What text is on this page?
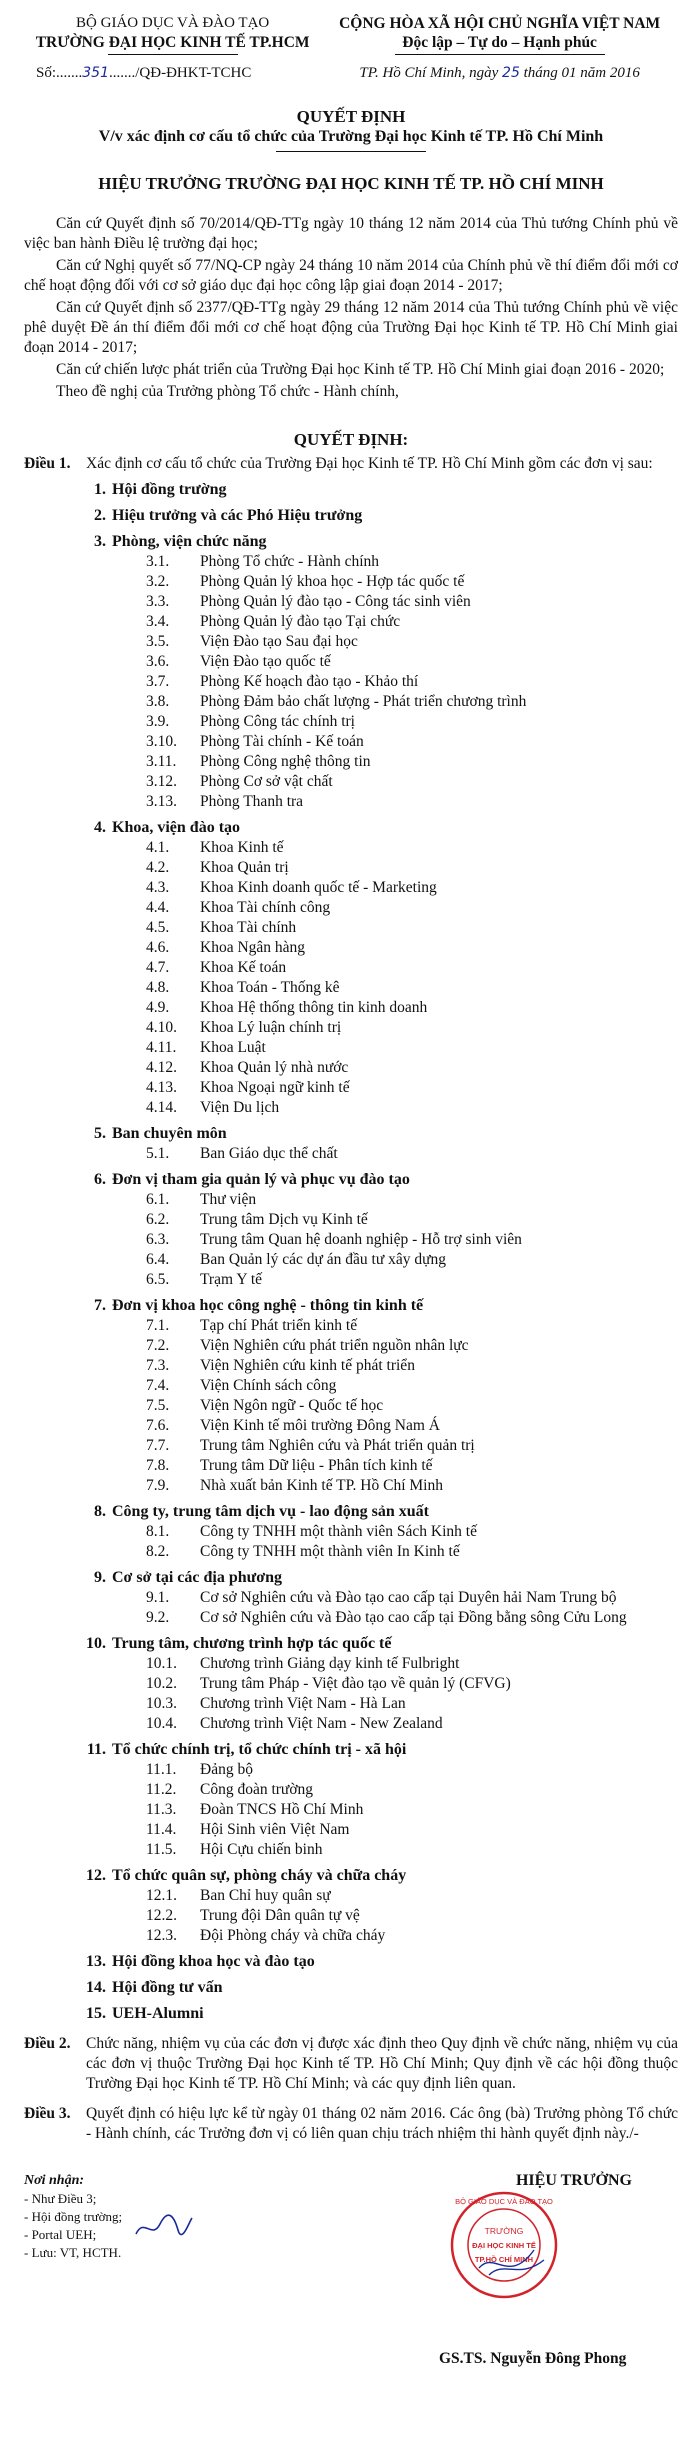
BỘ GIÁO DỤC VÀ ĐÀO TẠO
TRƯỜNG ĐẠI HỌC KINH TẾ TP.HCM
Số:.......351......./QĐ-ĐHKT-TCHC
CỘNG HÒA XÃ HỘI CHỦ NGHĨA VIỆT NAM
Độc lập – Tự do – Hạnh phúc
TP. Hồ Chí Minh, ngày 25 tháng 01 năm 2016
QUYẾT ĐỊNH
V/v xác định cơ cấu tổ chức của Trường Đại học Kinh tế TP. Hồ Chí Minh
HIỆU TRƯỞNG TRƯỜNG ĐẠI HỌC KINH TẾ TP. HỒ CHÍ MINH

Căn cứ Quyết định số 70/2014/QĐ-TTg ngày 10 tháng 12 năm 2014 của Thủ tướng Chính phủ về việc ban hành Điều lệ trường đại học;

Căn cứ Nghị quyết số 77/NQ-CP ngày 24 tháng 10 năm 2014 của Chính phủ về thí điểm đổi mới cơ chế hoạt động đối với cơ sở giáo dục đại học công lập giai đoạn 2014 - 2017;

Căn cứ Quyết định số 2377/QĐ-TTg ngày 29 tháng 12 năm 2014 của Thủ tướng Chính phủ về việc phê duyệt Đề án thí điểm đổi mới cơ chế hoạt động của Trường Đại học Kinh tế TP. Hồ Chí Minh giai đoạn 2014 - 2017;

Căn cứ chiến lược phát triển của Trường Đại học Kinh tế TP. Hồ Chí Minh giai đoạn 2016 - 2020;

Theo đề nghị của Trưởng phòng Tổ chức - Hành chính,

QUYẾT ĐỊNH:
Điều 1.	Xác định cơ cấu tổ chức của Trường Đại học Kinh tế TP. Hồ Chí Minh gồm các đơn vị sau:
1. Hội đồng trường
2. Hiệu trưởng và các Phó Hiệu trưởng
3. Phòng, viện chức năng
3.1.	Phòng Tổ chức - Hành chính
3.2.	Phòng Quản lý khoa học - Hợp tác quốc tế
3.3.	Phòng Quản lý đào tạo - Công tác sinh viên
3.4.	Phòng Quản lý đào tạo Tại chức
3.5.	Viện Đào tạo Sau đại học
3.6.	Viện Đào tạo quốc tế
3.7.	Phòng Kế hoạch đào tạo - Khảo thí
3.8.	Phòng Đảm bảo chất lượng - Phát triển chương trình
3.9.	Phòng Công tác chính trị
3.10.	Phòng Tài chính - Kế toán
3.11.	Phòng Công nghệ thông tin
3.12.	Phòng Cơ sở vật chất
3.13.	Phòng Thanh tra
4. Khoa, viện đào tạo
4.1.	Khoa Kinh tế
4.2.	Khoa Quản trị
4.3.	Khoa Kinh doanh quốc tế - Marketing
4.4.	Khoa Tài chính công
4.5.	Khoa Tài chính
4.6.	Khoa Ngân hàng
4.7.	Khoa Kế toán
4.8.	Khoa Toán - Thống kê
4.9.	Khoa Hệ thống thông tin kinh doanh
4.10.	Khoa Lý luận chính trị
4.11.	Khoa Luật
4.12.	Khoa Quản lý nhà nước
4.13.	Khoa Ngoại ngữ kinh tế
4.14.	Viện Du lịch
5. Ban chuyên môn
5.1.	Ban Giáo dục thể chất
6. Đơn vị tham gia quản lý và phục vụ đào tạo
6.1.	Thư viện
6.2.	Trung tâm Dịch vụ Kinh tế
6.3.	Trung tâm Quan hệ doanh nghiệp - Hỗ trợ sinh viên
6.4.	Ban Quản lý các dự án đầu tư xây dựng
6.5.	Trạm Y tế
7. Đơn vị khoa học công nghệ - thông tin kinh tế
7.1.	Tạp chí Phát triển kinh tế
7.2.	Viện Nghiên cứu phát triển nguồn nhân lực
7.3.	Viện Nghiên cứu kinh tế phát triển
7.4.	Viện Chính sách công
7.5.	Viện Ngôn ngữ - Quốc tế học
7.6.	Viện Kinh tế môi trường Đông Nam Á
7.7.	Trung tâm Nghiên cứu và Phát triển quản trị
7.8.	Trung tâm Dữ liệu - Phân tích kinh tế
7.9.	Nhà xuất bản Kinh tế TP. Hồ Chí Minh
8. Công ty, trung tâm dịch vụ - lao động sản xuất
8.1.	Công ty TNHH một thành viên Sách Kinh tế
8.2.	Công ty TNHH một thành viên In Kinh tế
9. Cơ sở tại các địa phương
9.1.	Cơ sở Nghiên cứu và Đào tạo cao cấp tại Duyên hải Nam Trung bộ
9.2.	Cơ sở Nghiên cứu và Đào tạo cao cấp tại Đồng bằng sông Cửu Long
10. Trung tâm, chương trình hợp tác quốc tế
10.1.	Chương trình Giảng dạy kinh tế Fulbright
10.2.	Trung tâm Pháp - Việt đào tạo về quản lý (CFVG)
10.3.	Chương trình Việt Nam - Hà Lan
10.4.	Chương trình Việt Nam - New Zealand
11. Tổ chức chính trị, tổ chức chính trị - xã hội
11.1.	Đảng bộ
11.2.	Công đoàn trường
11.3.	Đoàn TNCS Hồ Chí Minh
11.4.	Hội Sinh viên Việt Nam
11.5.	Hội Cựu chiến binh
12. Tổ chức quân sự, phòng cháy và chữa cháy
12.1.	Ban Chỉ huy quân sự
12.2.	Trung đội Dân quân tự vệ
12.3.	Đội Phòng cháy và chữa cháy
13. Hội đồng khoa học và đào tạo
14. Hội đồng tư vấn
15. UEH-Alumni
Điều 2.	Chức năng, nhiệm vụ của các đơn vị được xác định theo Quy định về chức năng, nhiệm vụ của các đơn vị thuộc Trường Đại học Kinh tế TP. Hồ Chí Minh; Quy định về các hội đồng thuộc Trường Đại học Kinh tế TP. Hồ Chí Minh; và các quy định liên quan.
Điều 3.	Quyết định có hiệu lực kể từ ngày 01 tháng 02 năm 2016. Các ông (bà) Trưởng phòng Tổ chức - Hành chính, các Trưởng đơn vị có liên quan chịu trách nhiệm thi hành quyết định này./-
Nơi nhận:
- Như Điều 3;
- Hội đồng trường;
- Portal UEH;
- Lưu: VT, HCTH.
HIỆU TRƯỞNG
BỘ GIÁO DỤC VÀ ĐÀO TẠO
TRƯỜNG
ĐẠI HỌC KINH TẾ
TP.HỒ CHÍ MINH
GS.TS. Nguyễn Đông Phong
